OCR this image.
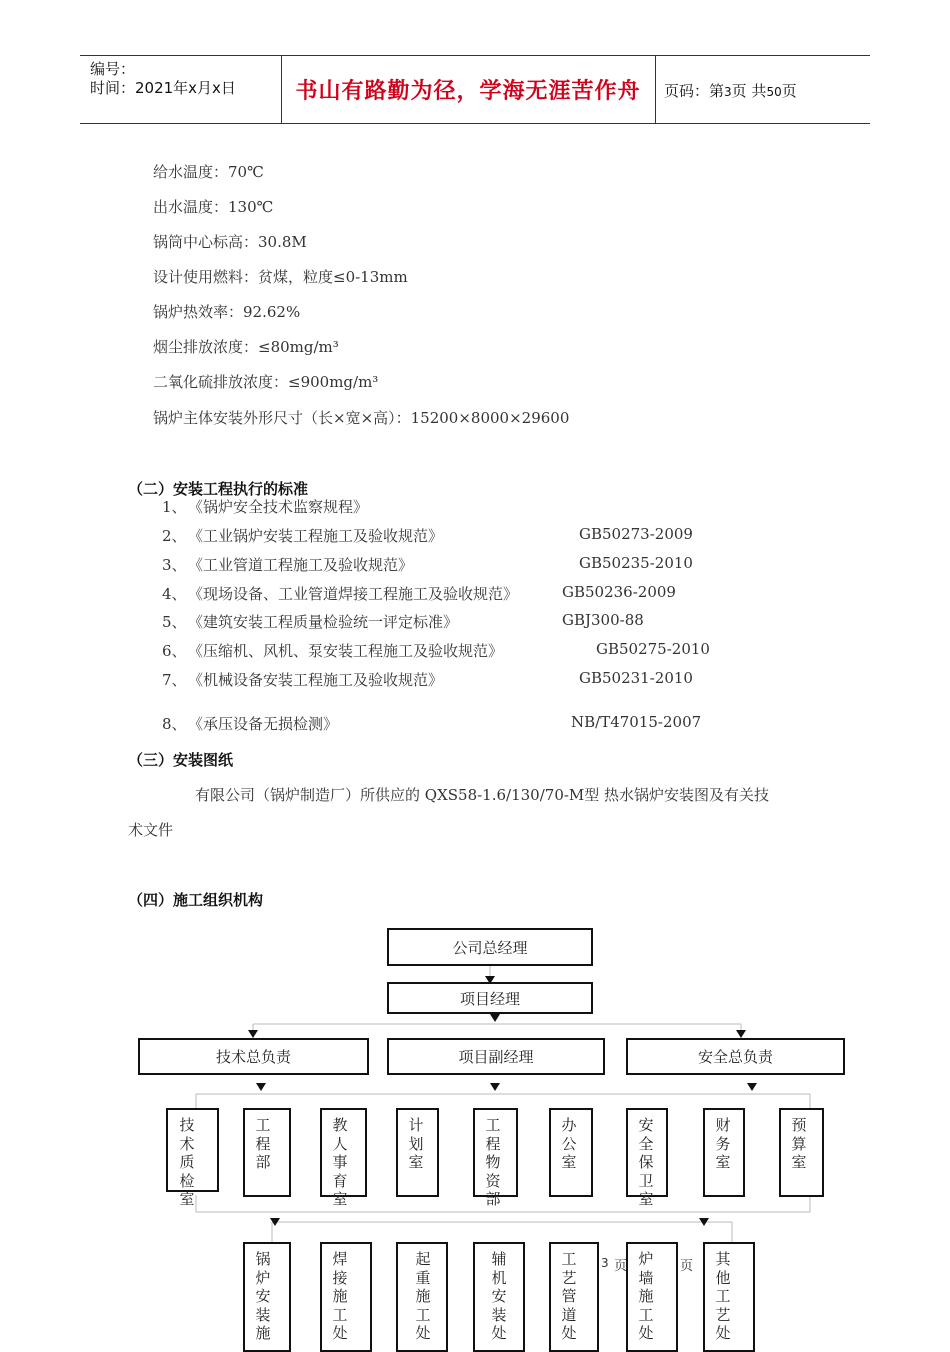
编号：
时间：2021年x月x日	书山有路勤为径，学海无涯苦作舟	页码：第3页 共50页
给水温度：70℃
出水温度：130℃
锅筒中心标高：30.8M
设计使用燃料：贫煤，粒度≤0-13mm
锅炉热效率：92.62%
烟尘排放浓度：≤80mg/m³
二氧化硫排放浓度：≤900mg/m³
锅炉主体安装外形尺寸（长×宽×高）：15200×8000×29600
（二）安装工程执行的标准
1、 《锅炉安全技术监察规程》
2、 《工业锅炉安装工程施工及验收规范》	GB50273-2009
3、 《工业管道工程施工及验收规范》	GB50235-2010
4、 《现场设备、工业管道焊接工程施工及验收规范》	GB50236-2009
5、 《建筑安装工程质量检验统一评定标准》	GBJ300-88
6、 《压缩机、风机、泵安装工程施工及验收规范》	GB50275-2010
7、 《机械设备安装工程施工及验收规范》	GB50231-2010
8、 《承压设备无损检测》	NB/T47015-2007
（三）安装图纸
有限公司（锅炉制造厂）所供应的 QXS58-1.6/130/70-M型 热水锅炉安装图及有关技
术文件
（四）施工组织机构
公司总经理
项目经理
技术总负责	项目副经理	安全总负责
技术质检室
工程部
教人事育室
计划室
工程物资部
办公室
安全保卫室
财务室
预算室
锅炉安装施
焊接施工处
起重施工处
辅机安装处
工艺管道处
炉墙施工处
其他工艺处
3 页	页
